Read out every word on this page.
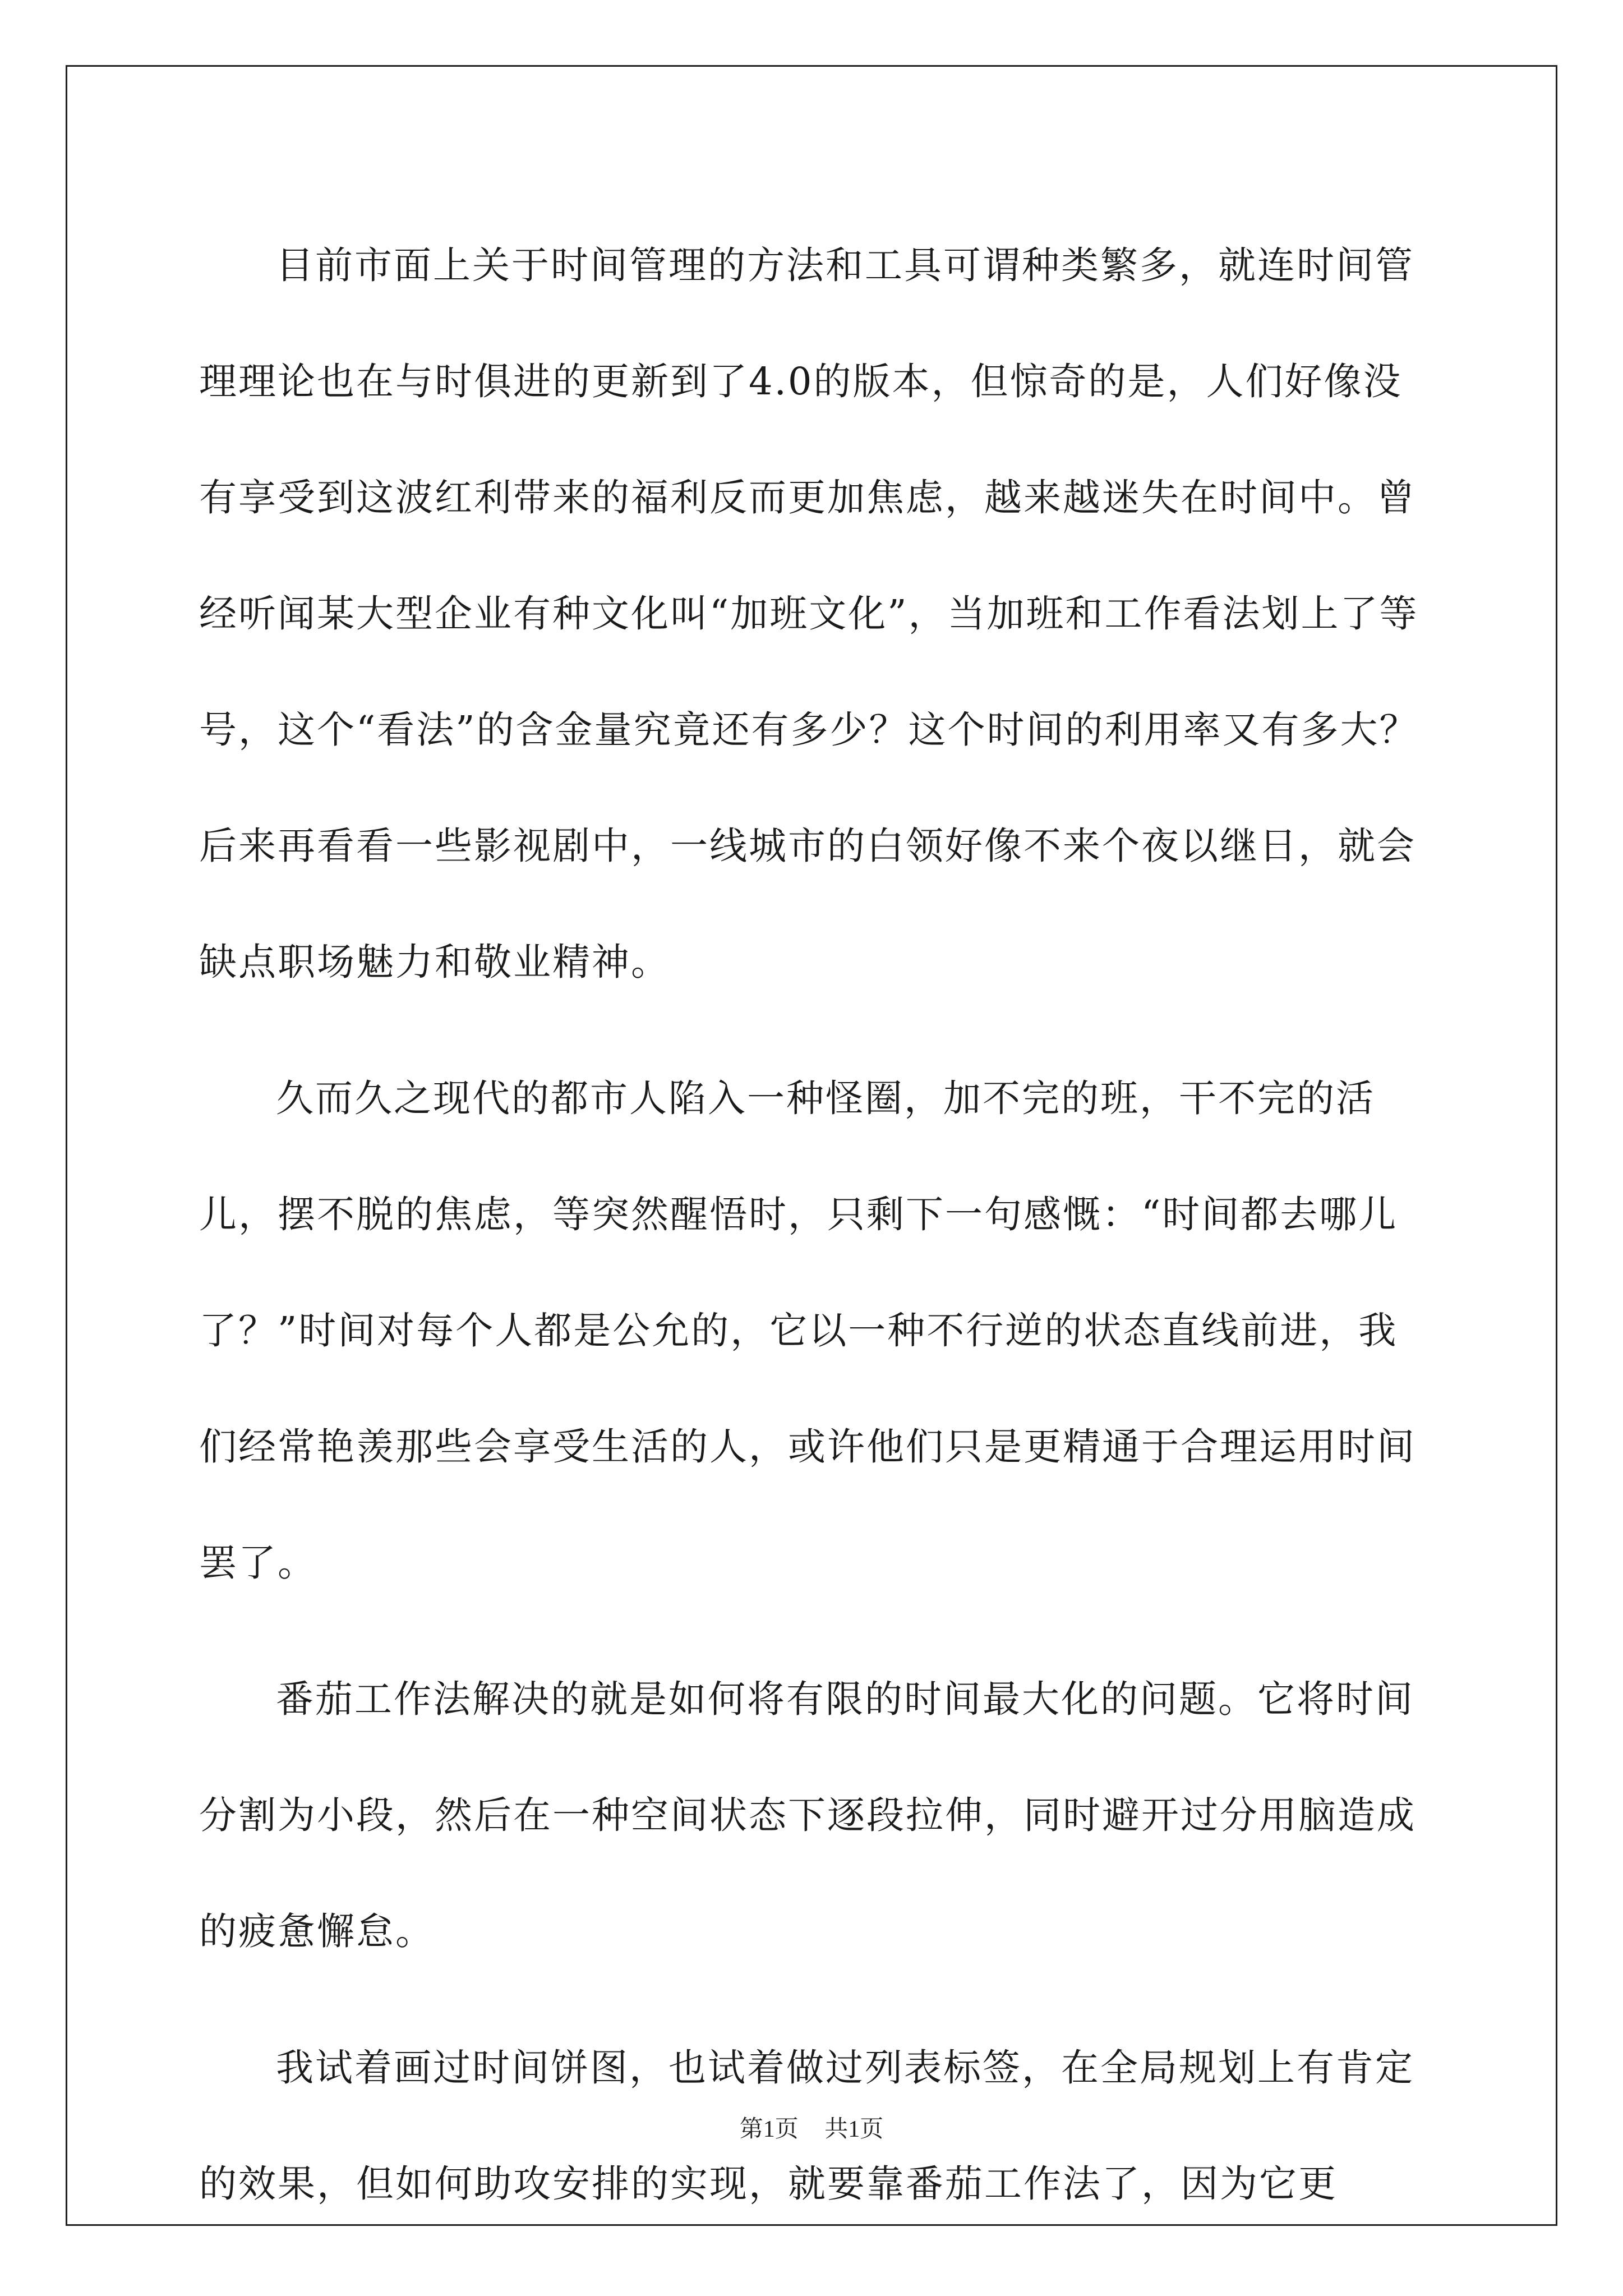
目前市面上关于时间管理的方法和工具可谓种类繁多，就连时间管理理论也在与时俱进的更新到了4.0的版本，但惊奇的是，人们好像没有享受到这波红利带来的福利反而更加焦虑，越来越迷失在时间中。曾经听闻某大型企业有种文化叫“加班文化”，当加班和工作看法划上了等号，这个“看法”的含金量究竟还有多少？这个时间的利用率又有多大？后来再看看一些影视剧中，一线城市的白领好像不来个夜以继日，就会缺点职场魅力和敬业精神。

久而久之现代的都市人陷入一种怪圈，加不完的班，干不完的活儿，摆不脱的焦虑，等突然醒悟时，只剩下一句感慨：“时间都去哪儿了？”时间对每个人都是公允的，它以一种不行逆的状态直线前进，我们经常艳羡那些会享受生活的人，或许他们只是更精通于合理运用时间罢了。

番茄工作法解决的就是如何将有限的时间最大化的问题。它将时间分割为小段，然后在一种空间状态下逐段拉伸，同时避开过分用脑造成的疲惫懈怠。

我试着画过时间饼图，也试着做过列表标签，在全局规划上有肯定的效果，但如何助攻安排的实现，就要靠番茄工作法了，因为它更

第1页 共1页
